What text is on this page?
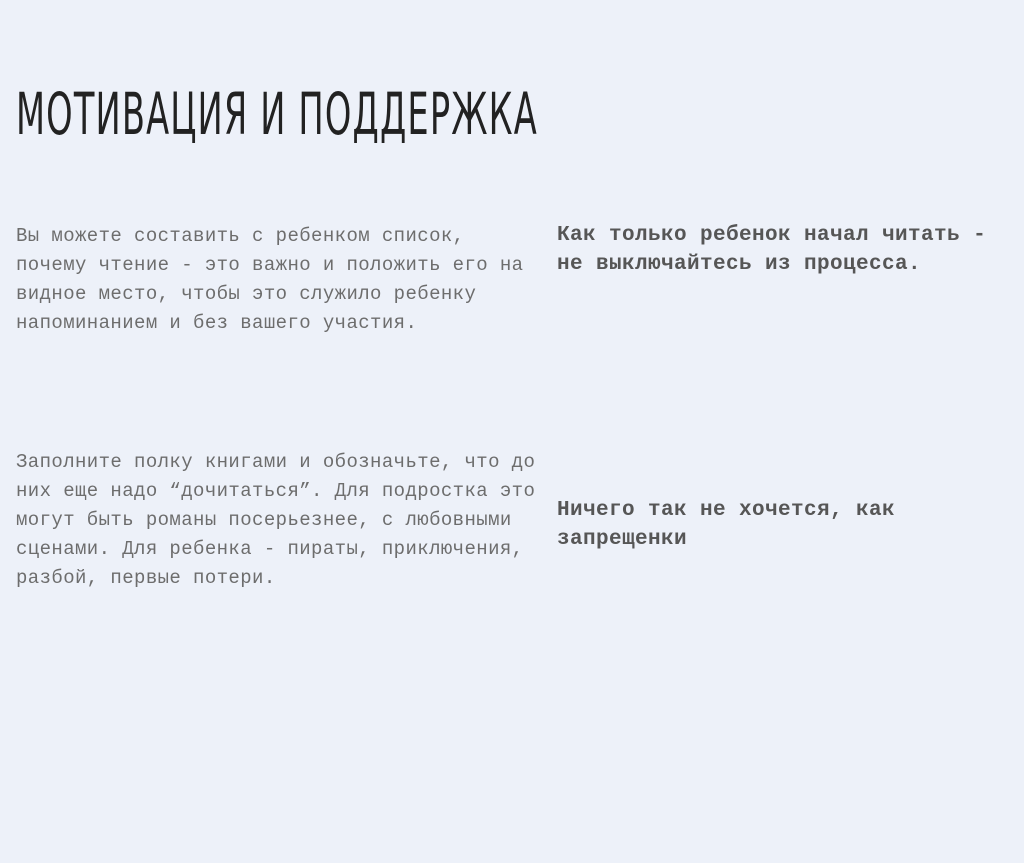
МОТИВАЦИЯ И ПОДДЕРЖКА

Вы можете составить с ребенком список, почему чтение - это важно и положить его на видное место, чтобы это служило ребенку напоминанием и без вашего участия.

Заполните полку книгами и обозначьте, что до них еще надо “дочитаться”. Для подростка это могут быть романы посерьезнее, с любовными сценами. Для ребенка - пираты, приключения, разбой, первые потери.

Как только ребенок начал читать - не выключайтесь из процесса.

Ничего так не хочется, как запрещенки
